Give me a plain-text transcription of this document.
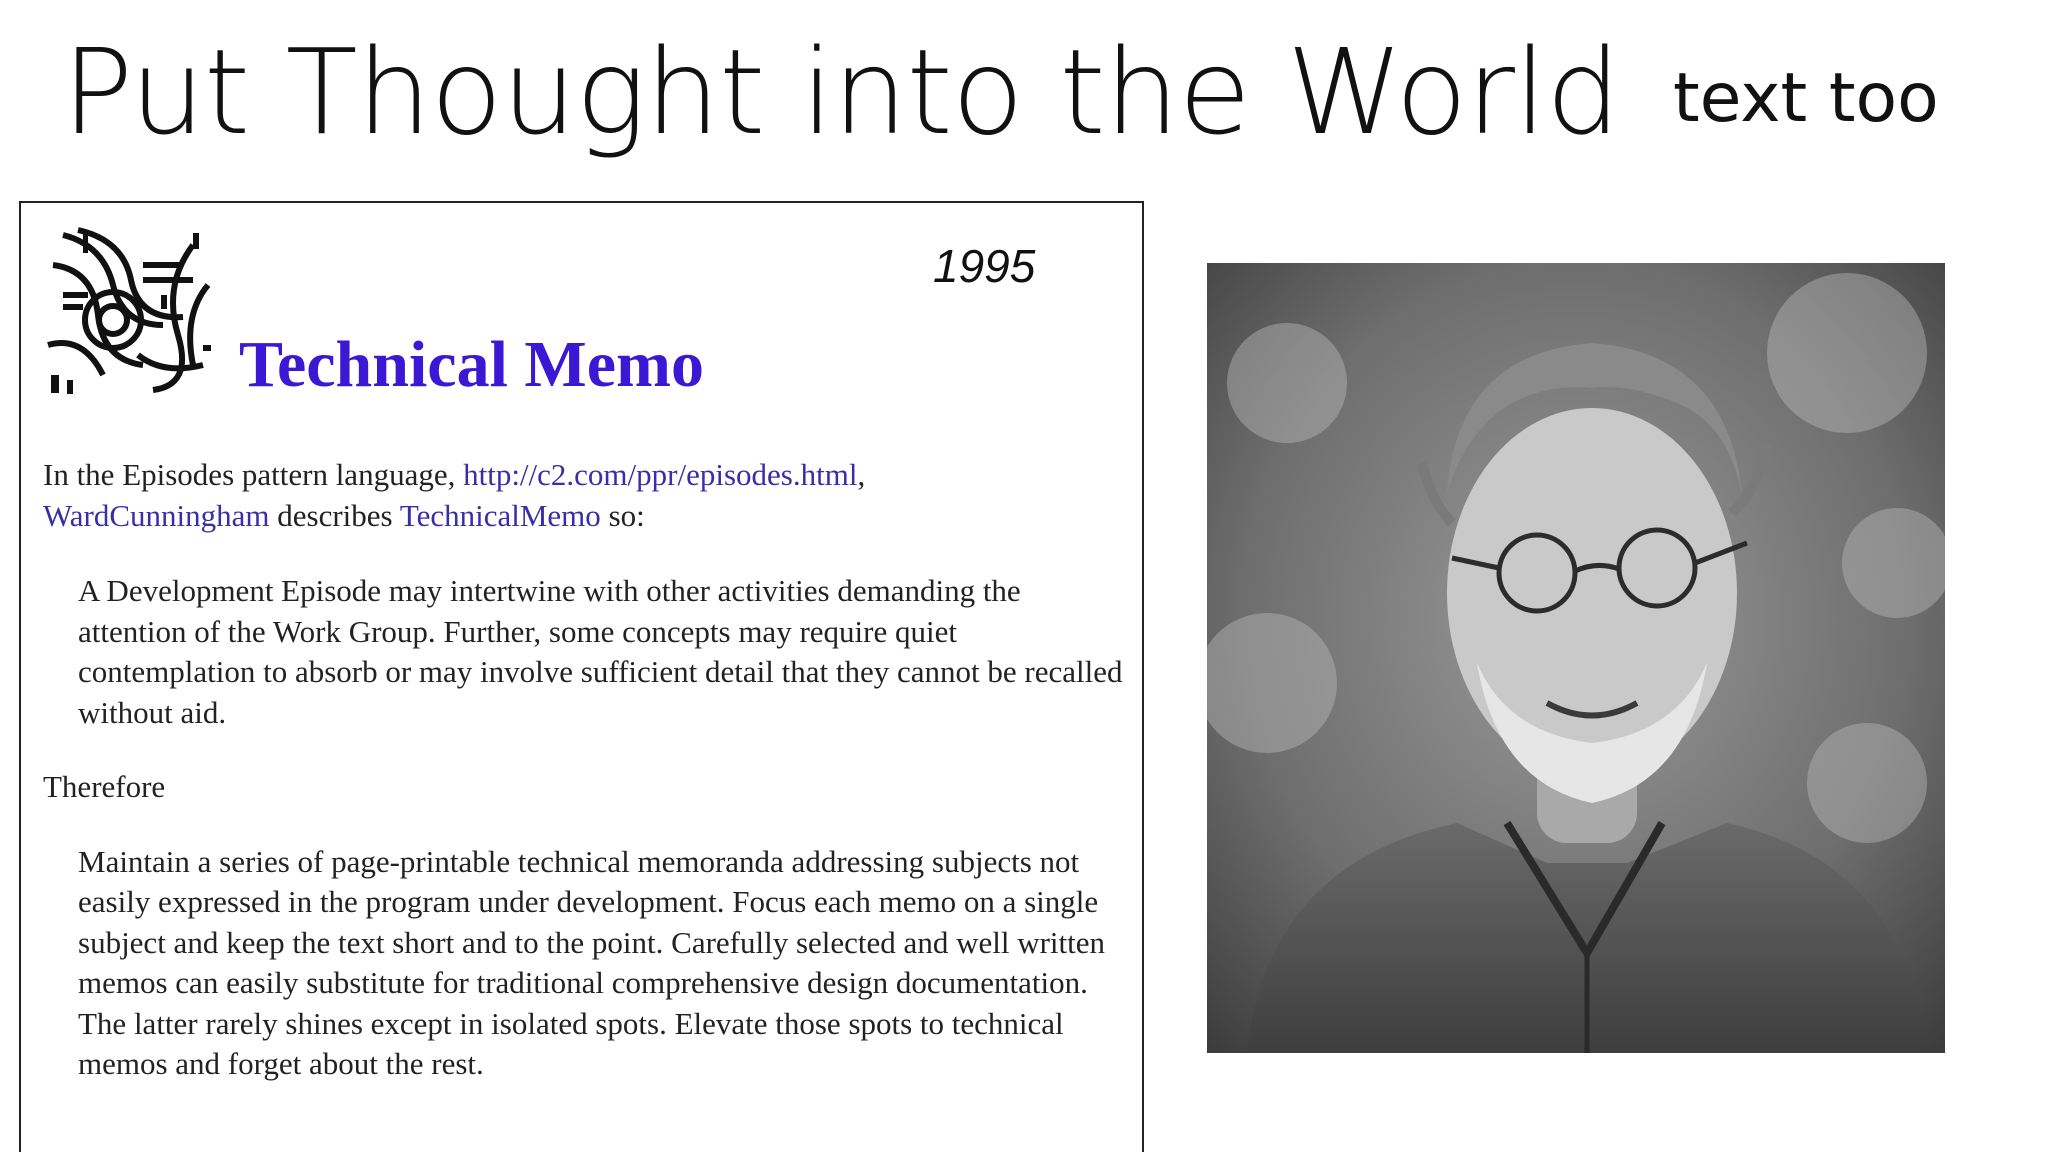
Put Thought into the World text too
1995
Technical Memo

In the Episodes pattern language, http://c2.com/ppr/episodes.html,
WardCunningham describes TechnicalMemo so:

A Development Episode may intertwine with other activities demanding the attention of the Work Group. Further, some concepts may require quiet contemplation to absorb or may involve sufficient detail that they cannot be recalled without aid.

Therefore

Maintain a series of page-printable technical memoranda addressing subjects not easily expressed in the program under development. Focus each memo on a single subject and keep the text short and to the point. Carefully selected and well written memos can easily substitute for traditional comprehensive design documentation. The latter rarely shines except in isolated spots. Elevate those spots to technical memos and forget about the rest.
